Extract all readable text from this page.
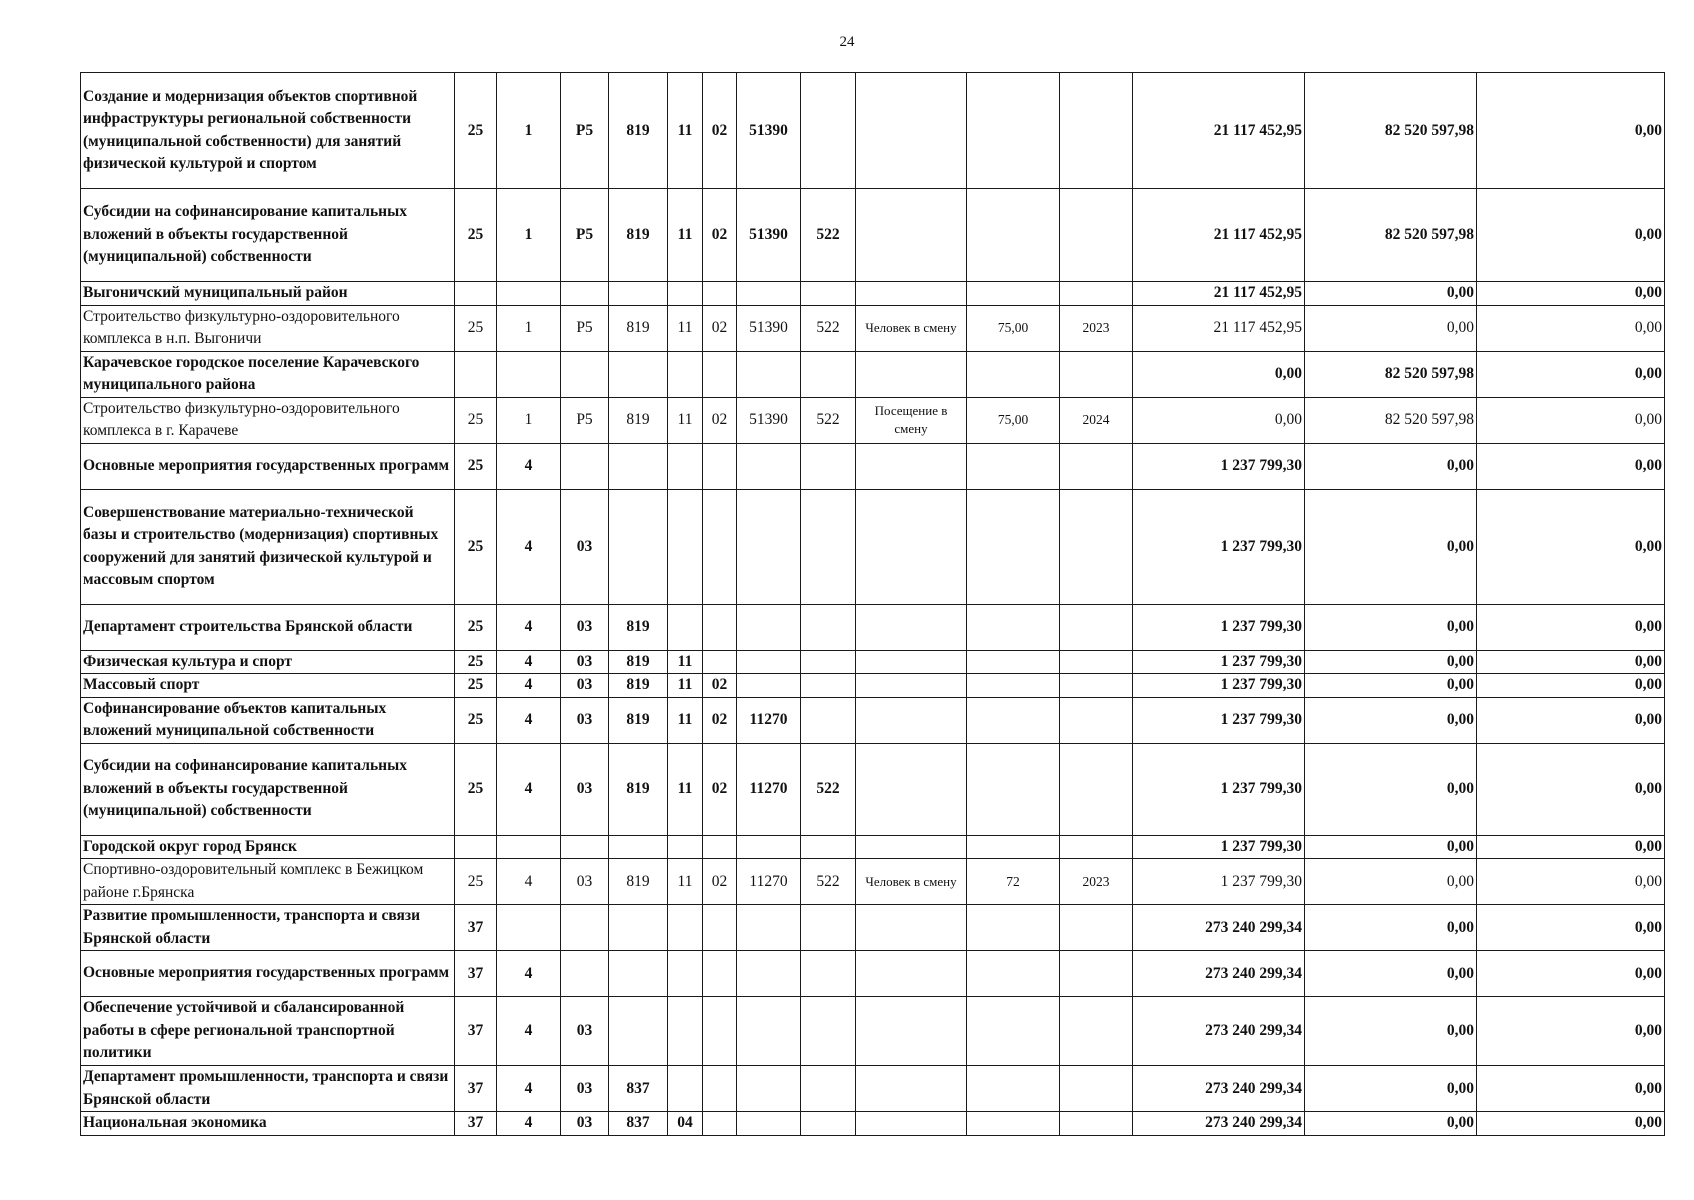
24
Создание и модернизация объектов спортивной инфраструктуры региональной собственности (муниципальной собственности) для занятий физической культурой и спортом	25	1	Р5	819	11	02	51390					21 117 452,95	82 520 597,98	0,00
Субсидии на софинансирование капитальных вложений в объекты государственной (муниципальной) собственности	25	1	Р5	819	11	02	51390	522				21 117 452,95	82 520 597,98	0,00
Выгоничский муниципальный район												21 117 452,95	0,00	0,00
Строительство физкультурно-оздоровительного комплекса в н.п. Выгоничи	25	1	Р5	819	11	02	51390	522	Человек в смену	75,00	2023	21 117 452,95	0,00	0,00
Карачевское городское поселение Карачевского муниципального района												0,00	82 520 597,98	0,00
Строительство физкультурно-оздоровительного комплекса в г. Карачеве	25	1	Р5	819	11	02	51390	522	Посещение в смену	75,00	2024	0,00	82 520 597,98	0,00
Основные мероприятия государственных программ	25	4										1 237 799,30	0,00	0,00
Совершенствование материально-технической базы и строительство (модернизация) спортивных сооружений для занятий физической культурой и массовым спортом	25	4	03									1 237 799,30	0,00	0,00
Департамент строительства Брянской области	25	4	03	819								1 237 799,30	0,00	0,00
Физическая культура и спорт	25	4	03	819	11							1 237 799,30	0,00	0,00
Массовый спорт	25	4	03	819	11	02						1 237 799,30	0,00	0,00
Софинансирование объектов капитальных вложений муниципальной собственности	25	4	03	819	11	02	11270					1 237 799,30	0,00	0,00
Субсидии на софинансирование капитальных вложений в объекты государственной (муниципальной) собственности	25	4	03	819	11	02	11270	522				1 237 799,30	0,00	0,00
Городской округ город Брянск												1 237 799,30	0,00	0,00
Спортивно-оздоровительный комплекс в Бежицком районе г.Брянска	25	4	03	819	11	02	11270	522	Человек в смену	72	2023	1 237 799,30	0,00	0,00
Развитие промышленности, транспорта и связи Брянской области	37											273 240 299,34	0,00	0,00
Основные мероприятия государственных программ	37	4										273 240 299,34	0,00	0,00
Обеспечение устойчивой и сбалансированной работы в сфере региональной транспортной политики	37	4	03									273 240 299,34	0,00	0,00
Департамент промышленности, транспорта и связи Брянской области	37	4	03	837								273 240 299,34	0,00	0,00
Национальная экономика	37	4	03	837	04							273 240 299,34	0,00	0,00
